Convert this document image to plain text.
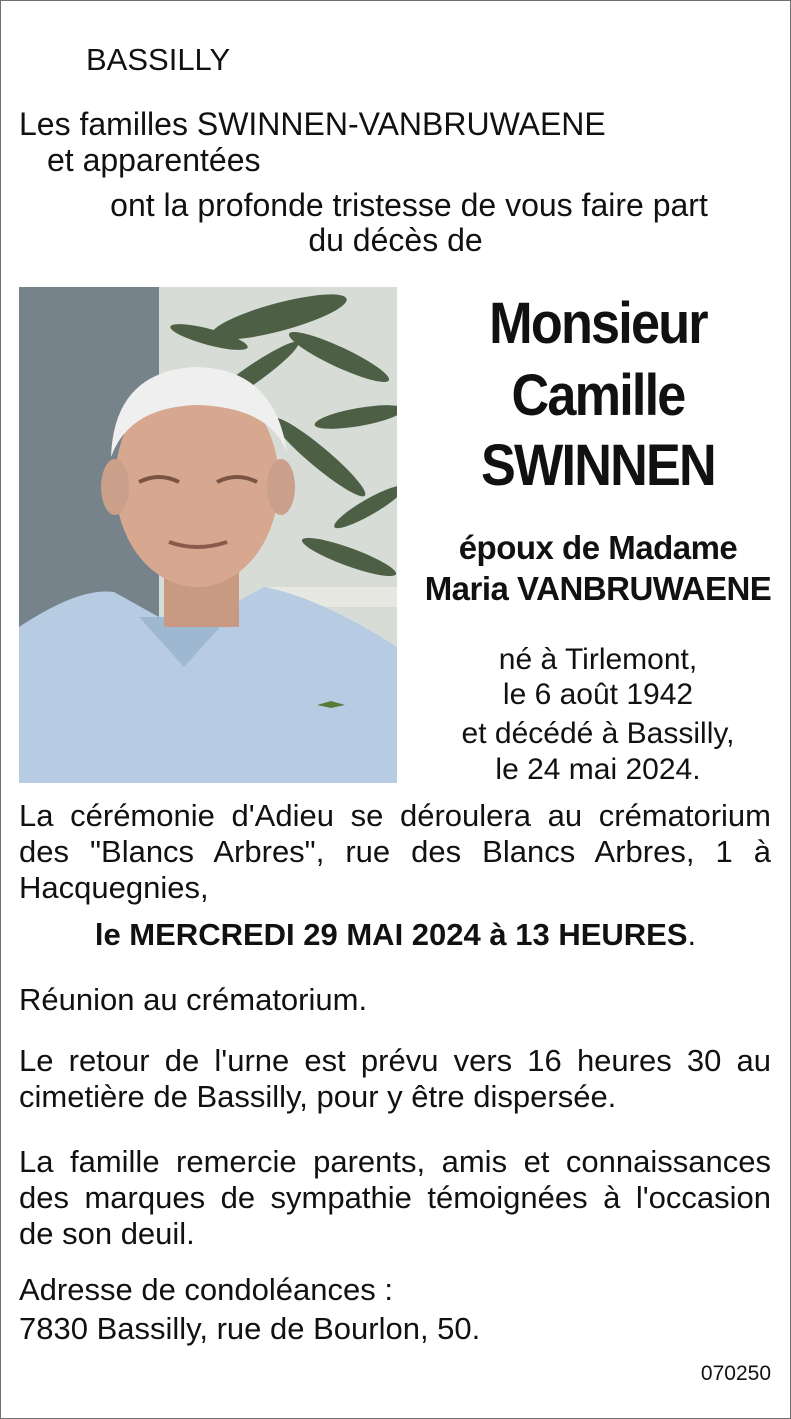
BASSILLY
Les familles SWINNEN-VANBRUWAENE
et apparentées
ont la profonde tristesse de vous faire part
du décès de
Monsieur
Camille
SWINNEN
époux de Madame
Maria VANBRUWAENE
né à Tirlemont,
le 6 août 1942
et décédé à Bassilly,
le 24 mai 2024.
La cérémonie d'Adieu se déroulera au crématorium des "Blancs Arbres", rue des Blancs Arbres, 1 à Hacquegnies,
le MERCREDI 29 MAI 2024 à 13 HEURES.
Réunion au crématorium.
Le retour de l'urne est prévu vers 16 heures 30 au cimetière de Bassilly, pour y être dispersée.
La famille remercie parents, amis et connaissances des marques de sympathie témoignées à l'occasion de son deuil.
Adresse de condoléances :
7830 Bassilly, rue de Bourlon, 50.
070250
